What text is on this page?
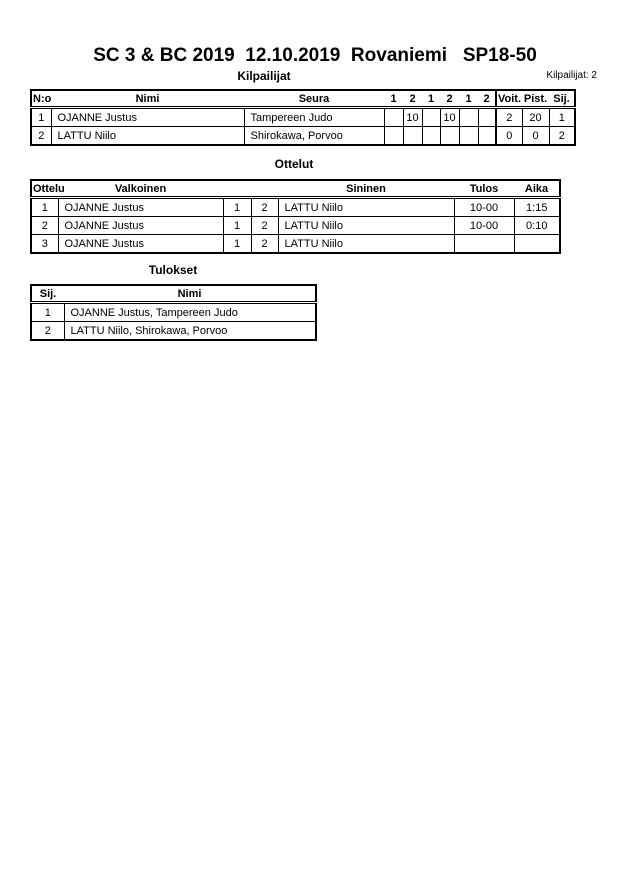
SC 3 & BC 2019  12.10.2019  Rovaniemi   SP18-50
Kilpailijat	Kilpailijat: 2
N:o	Nimi	Seura	1	2	1	2	1	2	Voit.	Pist.	Sij.
1	OJANNE Justus	Tampereen Judo		10		10			2	20	1
2	LATTU Niilo	Shirokawa, Porvoo							0	0	2
Ottelut
Ottelu	Valkoinen			Sininen	Tulos	Aika
1	OJANNE Justus	1	2	LATTU Niilo	10-00	1:15
2	OJANNE Justus	1	2	LATTU Niilo	10-00	0:10
3	OJANNE Justus	1	2	LATTU Niilo		
Tulokset
Sij.	Nimi
1	OJANNE Justus, Tampereen Judo
2	LATTU Niilo, Shirokawa, Porvoo
